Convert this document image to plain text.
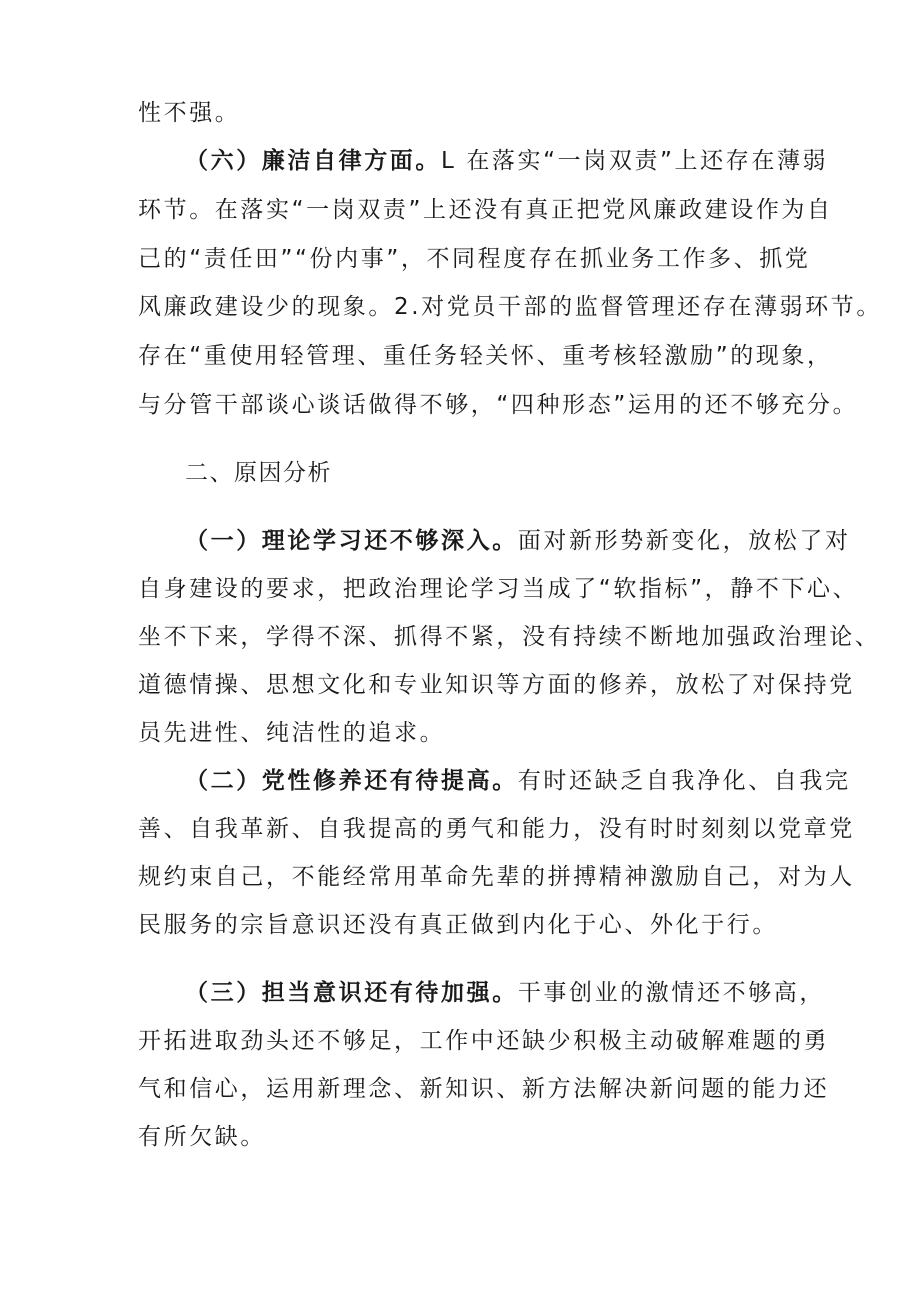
性不强。
（六）廉洁自律方面。L 在落实“一岗双责”上还存在薄弱
环节。在落实“一岗双责”上还没有真正把党风廉政建设作为自
己的“责任田”“份内事”，不同程度存在抓业务工作多、抓党
风廉政建设少的现象。2.对党员干部的监督管理还存在薄弱环节。
存在“重使用轻管理、重任务轻关怀、重考核轻激励”的现象，
与分管干部谈心谈话做得不够，“四种形态”运用的还不够充分。
二、原因分析
（一）理论学习还不够深入。面对新形势新变化，放松了对
自身建设的要求，把政治理论学习当成了“软指标”，静不下心、
坐不下来，学得不深、抓得不紧，没有持续不断地加强政治理论、
道德情操、思想文化和专业知识等方面的修养，放松了对保持党
员先进性、纯洁性的追求。
（二）党性修养还有待提高。有时还缺乏自我净化、自我完
善、自我革新、自我提高的勇气和能力，没有时时刻刻以党章党
规约束自己，不能经常用革命先辈的拼搏精神激励自己，对为人
民服务的宗旨意识还没有真正做到内化于心、外化于行。
（三）担当意识还有待加强。干事创业的激情还不够高，
开拓进取劲头还不够足，工作中还缺少积极主动破解难题的勇
气和信心，运用新理念、新知识、新方法解决新问题的能力还
有所欠缺。
